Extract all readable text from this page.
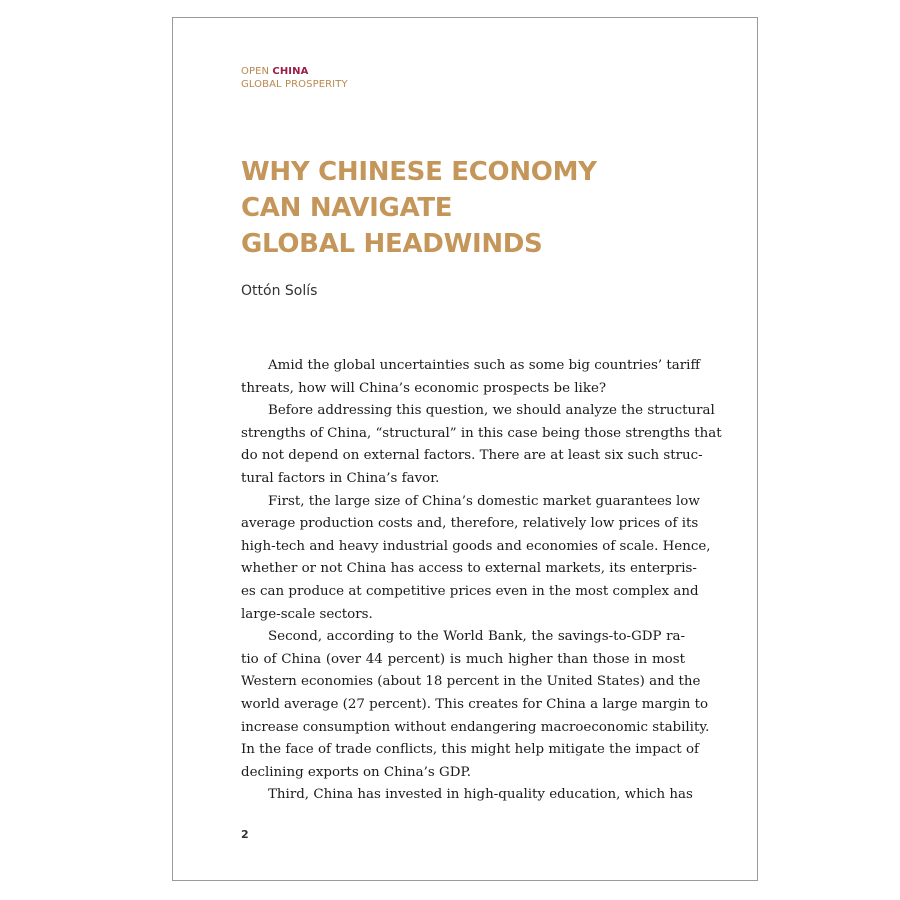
OPEN CHINA
GLOBAL PROSPERITY
WHY CHINESE ECONOMY
CAN NAVIGATE
GLOBAL HEADWINDS
Ottón Solís
Amid the global uncertainties such as some big countries’ tariff
threats, how will China’s economic prospects be like?
Before addressing this question, we should analyze the structural
strengths of China, “structural” in this case being those strengths that
do not depend on external factors. There are at least six such struc-
tural factors in China’s favor.
First, the large size of China’s domestic market guarantees low
average production costs and, therefore, relatively low prices of its
high-tech and heavy industrial goods and economies of scale. Hence,
whether or not China has access to external markets, its enterpris-
es can produce at competitive prices even in the most complex and
large-scale sectors.
Second, according to the World Bank, the savings-to-GDP ra-
tio of China (over 44 percent) is much higher than those in most
Western economies (about 18 percent in the United States) and the
world average (27 percent). This creates for China a large margin to
increase consumption without endangering macroeconomic stability.
In the face of trade conflicts, this might help mitigate the impact of
declining exports on China’s GDP.
Third, China has invested in high-quality education, which has
2
